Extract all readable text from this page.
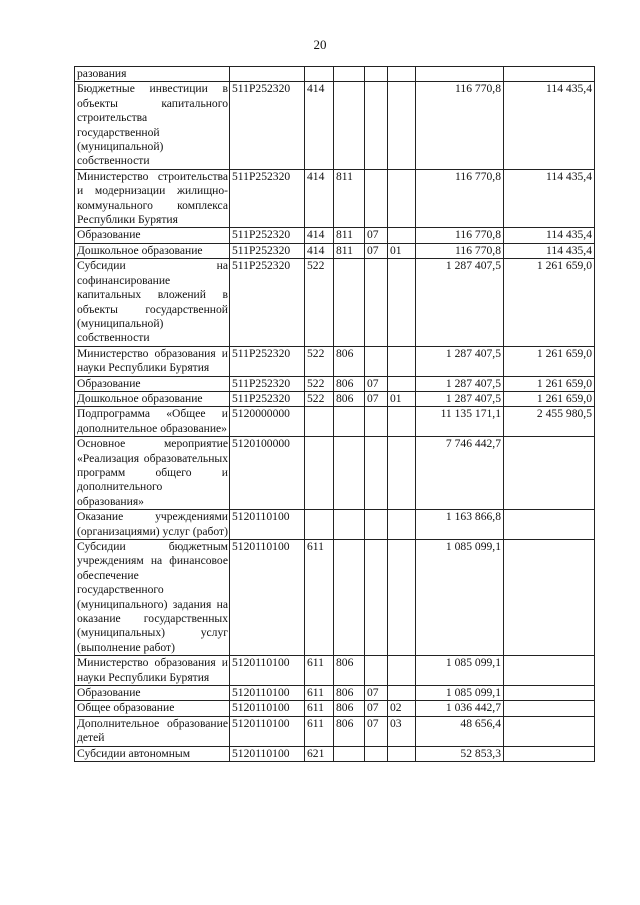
20
разования							
Бюджетные инвестиции в объекты капитального строительства государственной (муниципальной) собственности	511P252320	414				116 770,8	114 435,4
Министерство строительства и модернизации жилищно-коммунального комплекса Республики Бурятия	511P252320	414	811			116 770,8	114 435,4
Образование	511P252320	414	811	07		116 770,8	114 435,4
Дошкольное образование	511P252320	414	811	07	01	116 770,8	114 435,4
Субсидии на софинансирование капитальных вложений в объекты государственной (муниципальной) собственности	511P252320	522				1 287 407,5	1 261 659,0
Министерство образования и науки Республики Бурятия	511P252320	522	806			1 287 407,5	1 261 659,0
Образование	511P252320	522	806	07		1 287 407,5	1 261 659,0
Дошкольное образование	511P252320	522	806	07	01	1 287 407,5	1 261 659,0
Подпрограмма «Общее и дополнительное образование»	5120000000					11 135 171,1	2 455 980,5
Основное мероприятие «Реализация образовательных программ общего и дополнительного образования»	5120100000					7 746 442,7	
Оказание учреждениями (организациями) услуг (работ)	5120110100					1 163 866,8	
Субсидии бюджетным учреждениям на финансовое обеспечение государственного (муниципального) задания на оказание государственных (муниципальных) услуг (выполнение работ)	5120110100	611				1 085 099,1	
Министерство образования и науки Республики Бурятия	5120110100	611	806			1 085 099,1	
Образование	5120110100	611	806	07		1 085 099,1	
Общее образование	5120110100	611	806	07	02	1 036 442,7	
Дополнительное образование детей	5120110100	611	806	07	03	48 656,4	
Субсидии автономным	5120110100	621				52 853,3	
